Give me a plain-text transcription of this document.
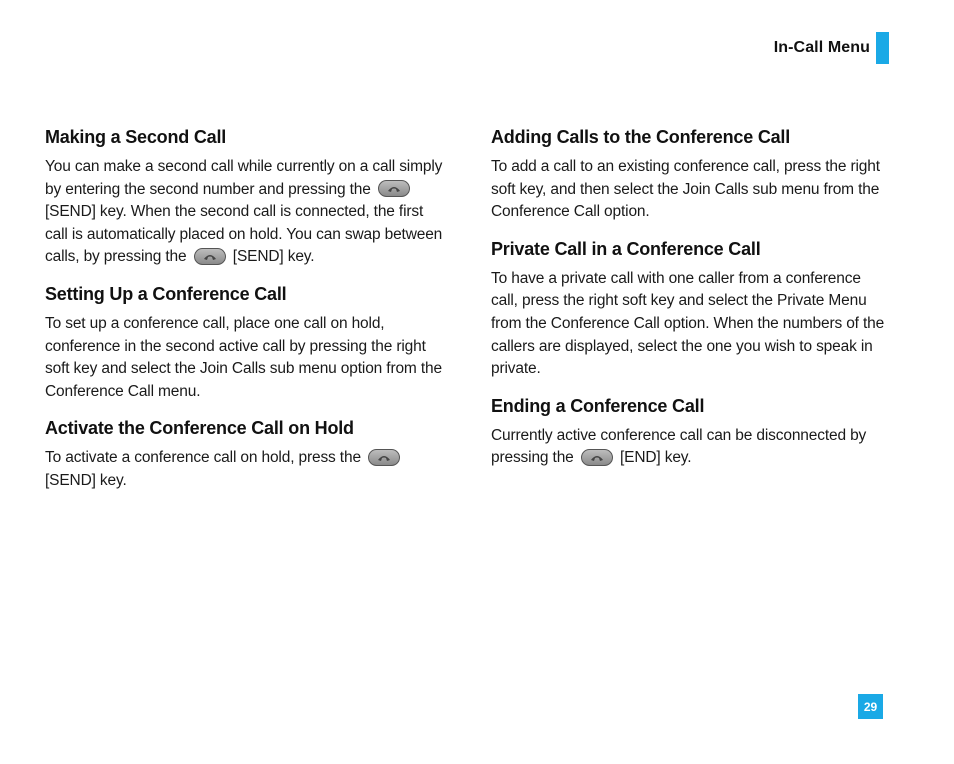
In-Call Menu
Making a Second Call

You can make a second call while currently on a call simply by entering the second number and pressing the
[SEND] key. When the second call is connected, the first call is automatically placed on hold. You can swap between calls, by pressing the	[SEND] key.

Setting Up a Conference Call

To set up a conference call, place one call on hold, conference in the second active call by pressing the right soft key and select the Join Calls sub menu option from the Conference Call menu.

Activate the Conference Call on Hold

To activate a conference call on hold, press the
[SEND] key.

Adding Calls to the Conference Call

To add a call to an existing conference call, press the right soft key, and then select the Join Calls sub menu from the Conference Call option.

Private Call in a Conference Call

To have a private call with one caller from a conference call, press the right soft key and select the Private Menu from the Conference Call option. When the numbers of the callers are displayed, select the one you wish to speak in private.

Ending a Conference Call

Currently active conference call can be disconnected by pressing the	[END] key.

29
